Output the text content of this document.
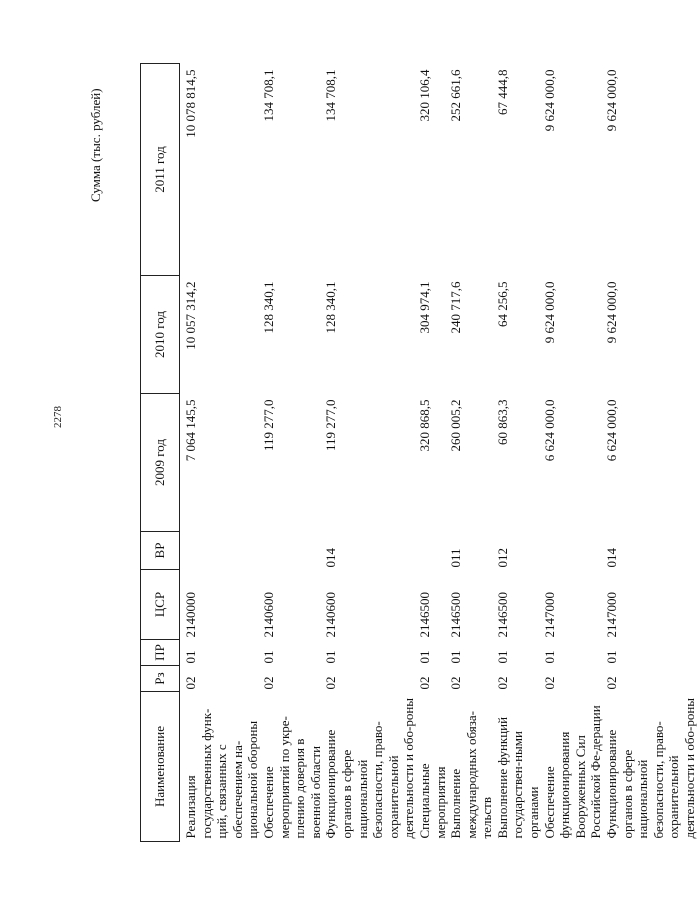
2278
Сумма (тыс. рублей)
Наименование	Рз	ПР	ЦСР	ВР	2009 год	2010 год	2011 год
Реализация государственных функ-ций, связанных с обеспечением на-циональной обороны	02	01	2140000		7 064 145,5	10 057 314,2	10 078 814,5
Обеспечение мероприятий по укре-плению доверия в военной области	02	01	2140600		119 277,0	128 340,1	134 708,1
Функционирование органов в сфере национальной безопасности, право-охранительной деятельности и обо-роны	02	01	2140600	014	119 277,0	128 340,1	134 708,1
Специальные мероприятия	02	01	2146500		320 868,5	304 974,1	320 106,4
Выполнение международных обяза-тельств	02	01	2146500	011	260 005,2	240 717,6	252 661,6
Выполнение функций государствен-ными органами	02	01	2146500	012	60 863,3	64 256,5	67 444,8
Обеспечение функционирования Вооруженных Сил Российской Фе-дерации	02	01	2147000		6 624 000,0	9 624 000,0	9 624 000,0
Функционирование органов в сфере национальной безопасности, право-охранительной деятельности и обо-роны	02	01	2147000	014	6 624 000,0	9 624 000,0	9 624 000,0
